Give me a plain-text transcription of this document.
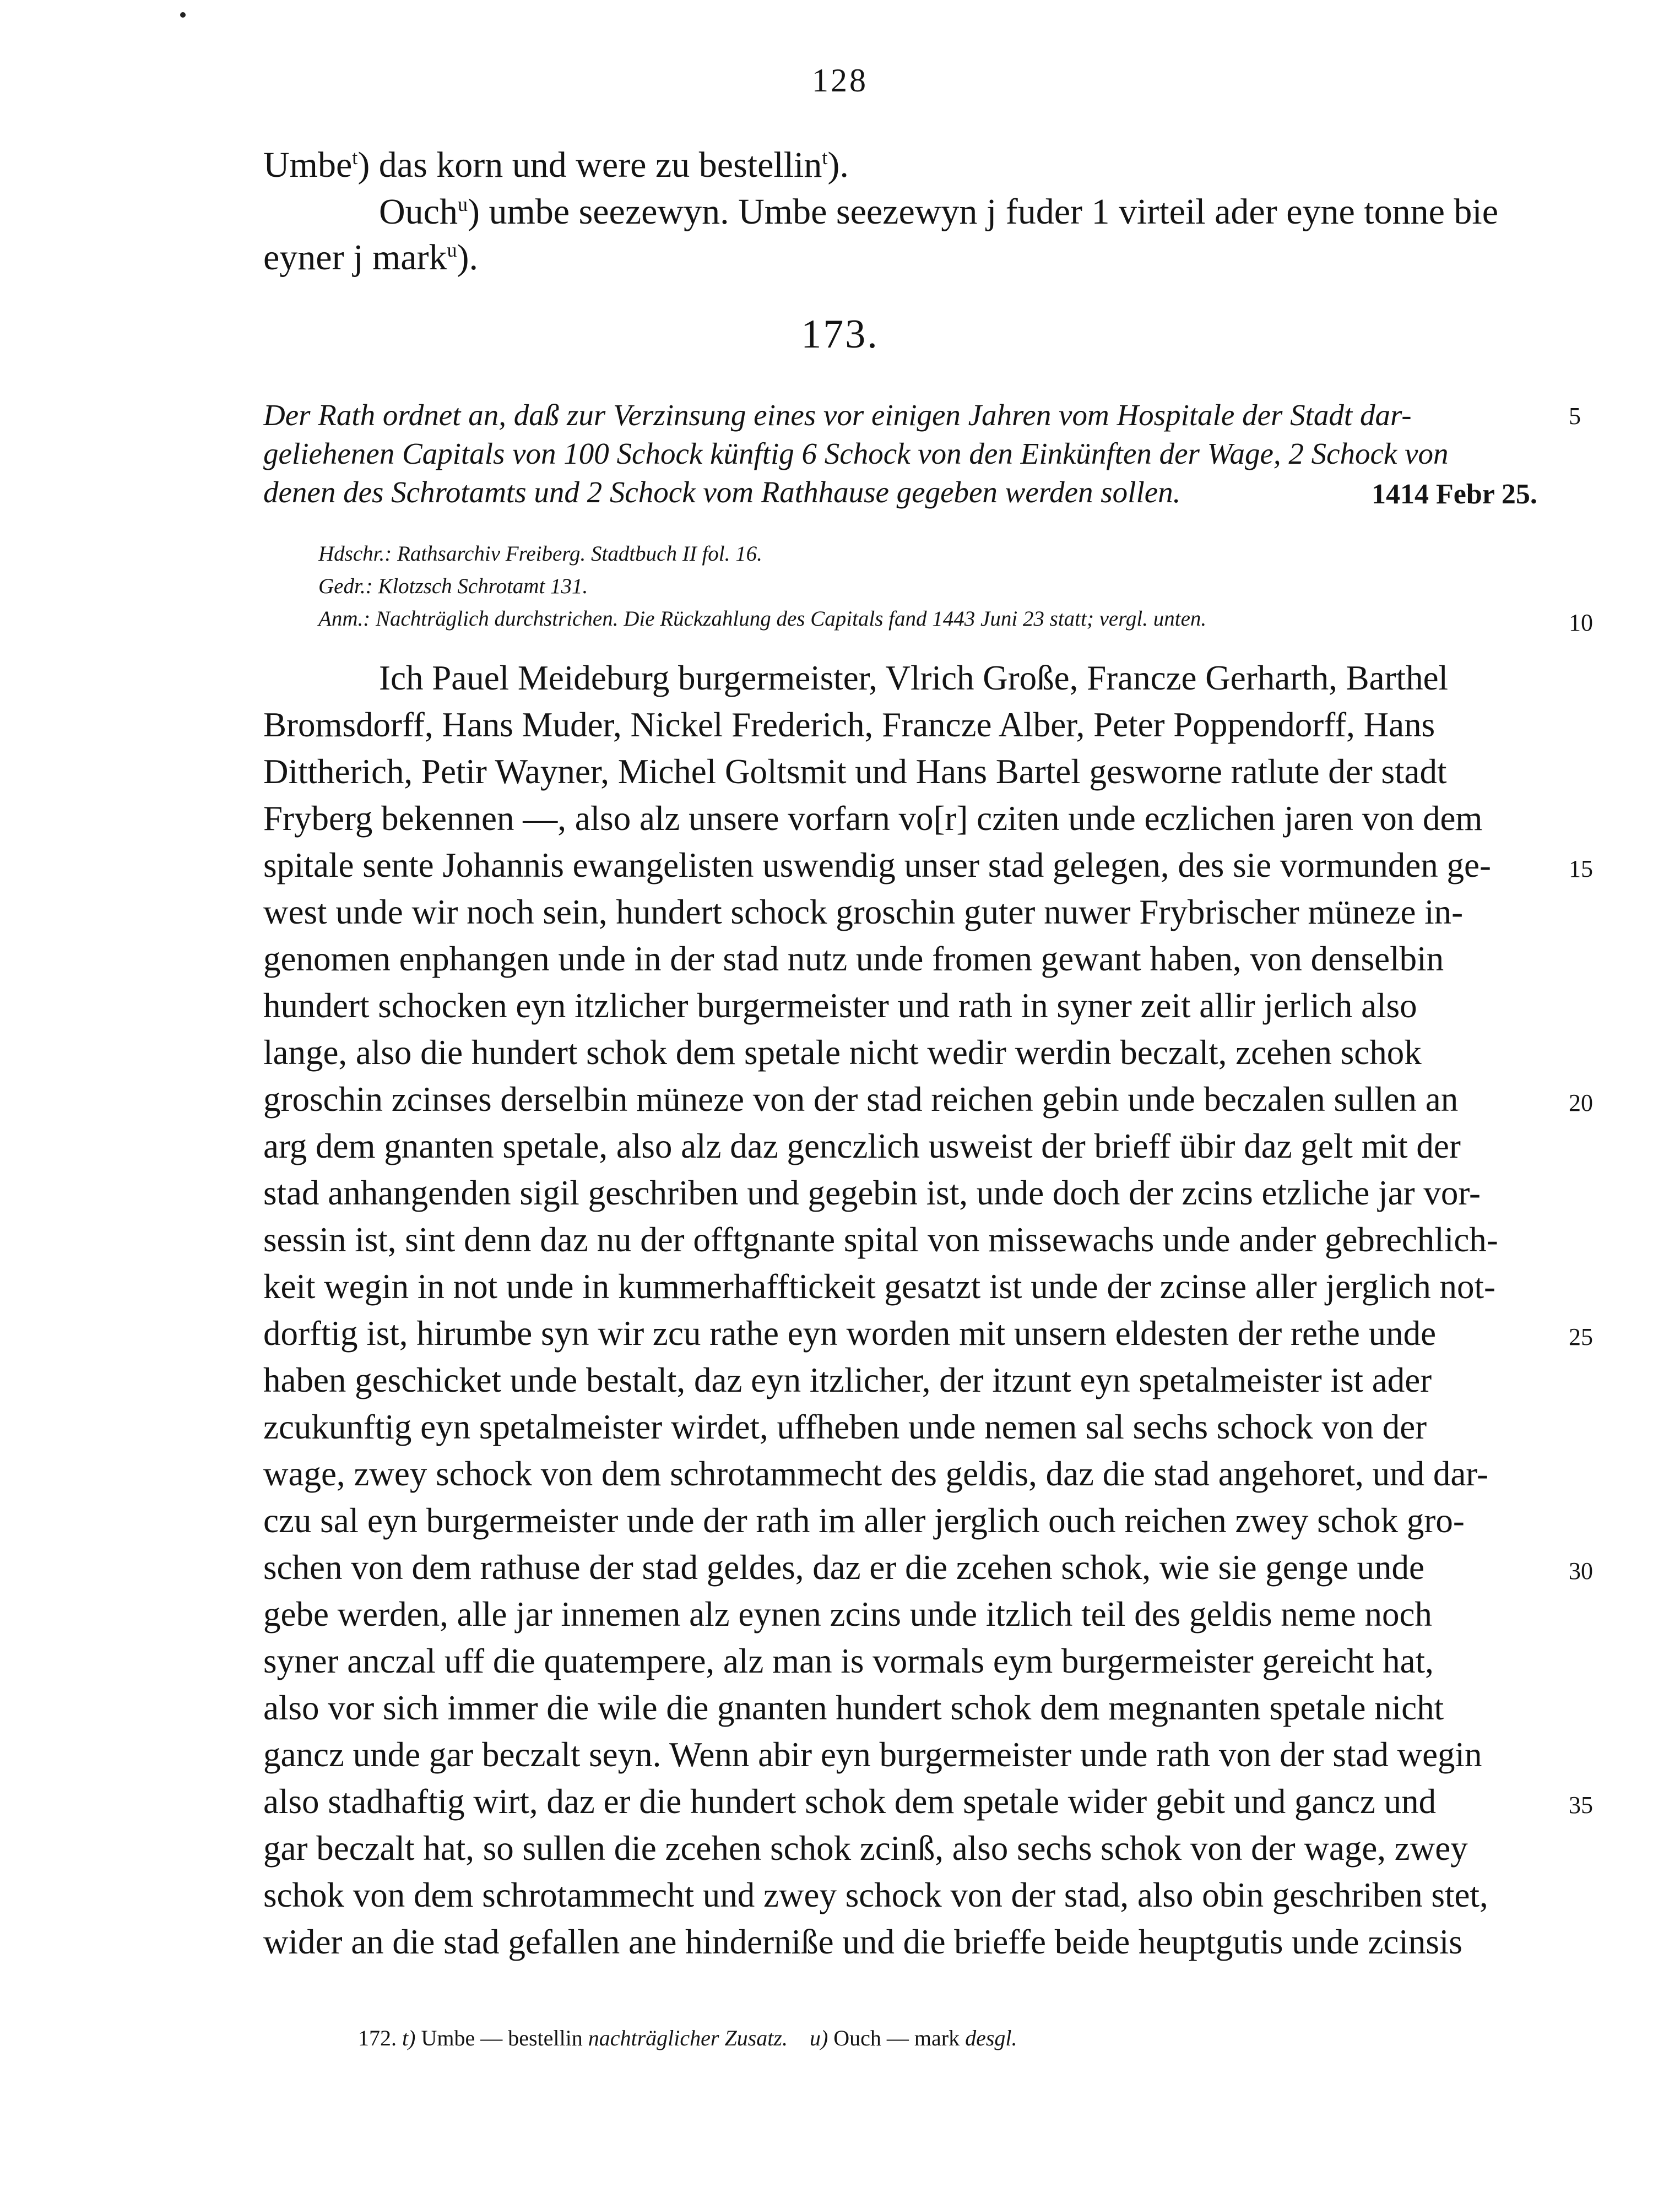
128
Umbe$^t$) das korn und were zu bestellin$^t$).
Ouch$^u$) umbe seezewyn. Umbe seezewyn j fuder 1 virteil ader eyne tonne bie
eyner j mark$^u$).
173.
Der Rath ordnet an, daß zur Verzinsung eines vor einigen Jahren vom Hospitale der Stadt dar-
geliehenen Capitals von 100 Schock künftig 6 Schock von den Einkünften der Wage, 2 Schock von
denen des Schrotamts und 2 Schock vom Rathhause gegeben werden sollen.	1414 Febr 25.
Hdschr.: Rathsarchiv Freiberg. Stadtbuch II fol. 16.
Gedr.: Klotzsch Schrotamt 131.
Anm.: Nachträglich durchstrichen. Die Rückzahlung des Capitals fand 1443 Juni 23 statt; vergl. unten.
Ich Pauel Meideburg burgermeister, Vlrich Große, Francze Gerharth, Barthel
Bromsdorff, Hans Muder, Nickel Frederich, Francze Alber, Peter Poppendorff, Hans
Dittherich, Petir Wayner, Michel Goltsmit und Hans Bartel gesworne ratlute der stadt
Fryberg bekennen —, also alz unsere vorfarn vo[r] cziten unde eczlichen jaren von dem
spitale sente Johannis ewangelisten uswendig unser stad gelegen, des sie vormunden ge-
west unde wir noch sein, hundert schock groschin guter nuwer Frybrischer müneze in-
genomen enphangen unde in der stad nutz unde fromen gewant haben, von denselbin
hundert schocken eyn itzlicher burgermeister und rath in syner zeit allir jerlich also
lange, also die hundert schok dem spetale nicht wedir werdin beczalt, zcehen schok
groschin zcinses derselbin müneze von der stad reichen gebin unde beczalen sullen an
arg dem gnanten spetale, also alz daz genczlich usweist der brieff übir daz gelt mit der
stad anhangenden sigil geschriben und gegebin ist, unde doch der zcins etzliche jar vor-
sessin ist, sint denn daz nu der offtgnante spital von missewachs unde ander gebrechlich-
keit wegin in not unde in kummerhafftickeit gesatzt ist unde der zcinse aller jerglich not-
dorftig ist, hirumbe syn wir zcu rathe eyn worden mit unsern eldesten der rethe unde
haben geschicket unde bestalt, daz eyn itzlicher, der itzunt eyn spetalmeister ist ader
zcukunftig eyn spetalmeister wirdet, uffheben unde nemen sal sechs schock von der
wage, zwey schock von dem schrotammecht des geldis, daz die stad angehoret, und dar-
czu sal eyn burgermeister unde der rath im aller jerglich ouch reichen zwey schok gro-
schen von dem rathuse der stad geldes, daz er die zcehen schok, wie sie genge unde
gebe werden, alle jar innemen alz eynen zcins unde itzlich teil des geldis neme noch
syner anczal uff die quatempere, alz man is vormals eym burgermeister gereicht hat,
also vor sich immer die wile die gnanten hundert schok dem megnanten spetale nicht
gancz unde gar beczalt seyn. Wenn abir eyn burgermeister unde rath von der stad wegin
also stadhaftig wirt, daz er die hundert schok dem spetale wider gebit und gancz und
gar beczalt hat, so sullen die zcehen schok zcinß, also sechs schok von der wage, zwey
schok von dem schrotammecht und zwey schock von der stad, also obin geschriben stet,
wider an die stad gefallen ane hinderniße und die brieffe beide heuptgutis unde zcinsis
5
10
15
20
25
30
35
172. t) Umbe — bestellin nachträglicher Zusatz. u) Ouch — mark desgl.
